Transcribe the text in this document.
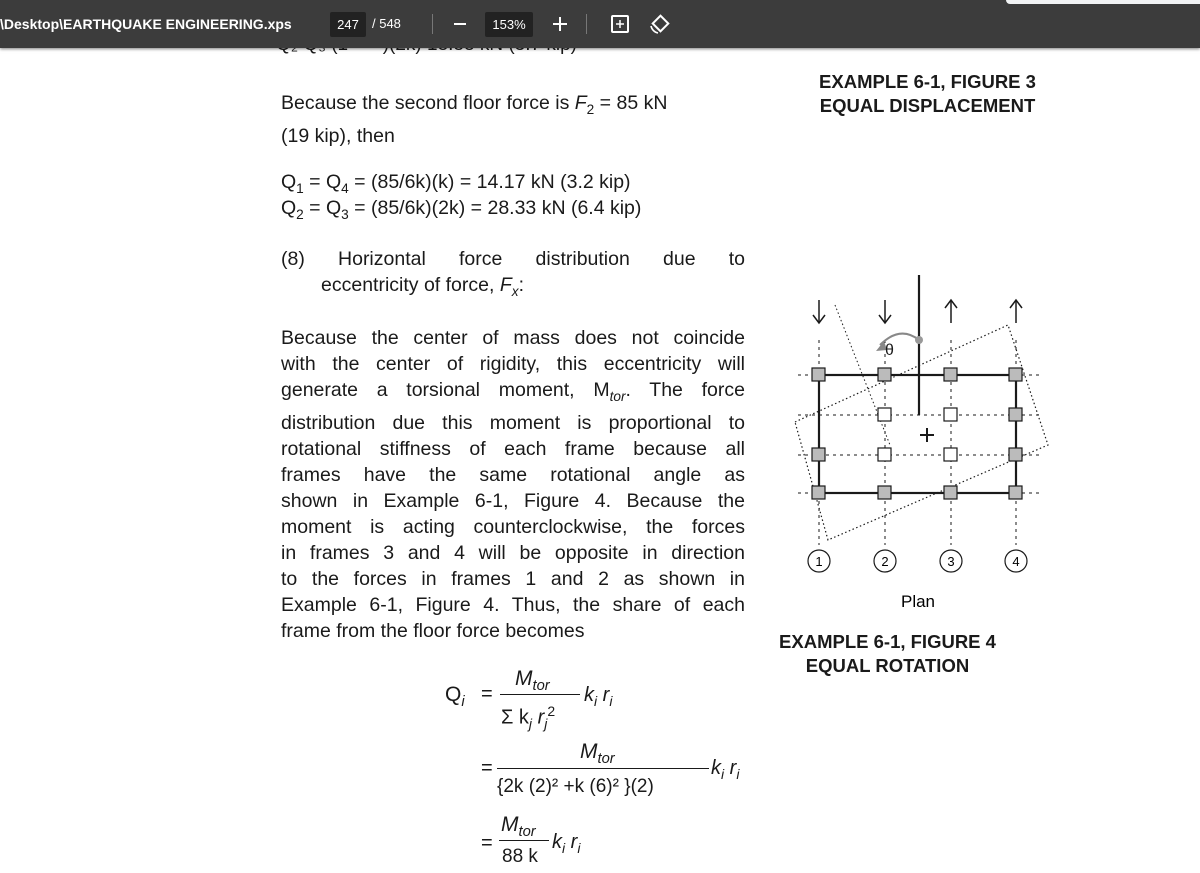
\Desktop\EARTHQUAKE ENGINEERING.xps	247	/ 548	153%
Because the second floor force is $F_2 = 85$ kN
(19 kip), then
$Q_1 = Q_4 = (85/6k)(k) = 14.17$ kN (3.2 kip)
$Q_2 = Q_3 = (85/6k)(2k) = 28.33$ kN (6.4 kip)
(8) Horizontal force distribution due to
eccentricity of force, $F_x$:
Because the center of mass does not coincide
with the center of rigidity, this eccentricity will
generate a torsional moment, $M_{tor}$. The force
distribution due this moment is proportional to
rotational stiffness of each frame because all
frames have the same rotational angle as
shown in Example 6-1, Figure 4. Because the
moment is acting counterclockwise, the forces
in frames 3 and 4 will be opposite in direction
to the forces in frames 1 and 2 as shown in
Example 6-1, Figure 4. Thus, the share of each
frame from the floor force becomes
EXAMPLE 6-1, FIGURE 3
EQUAL DISPLACEMENT
θ
1	2	3	4
Plan
EXAMPLE 6-1, FIGURE 4
EQUAL ROTATION
$Q_i$ =
$M_{tor}$
Σ $k_j$ $r_j^2$
$k_i$ $r_i$
=
$M_{tor}$
{2k (2)² +k (6)² }(2)
$k_i$ $r_i$
=
$M_{tor}$
88 k
$k_i$ $r_i$
